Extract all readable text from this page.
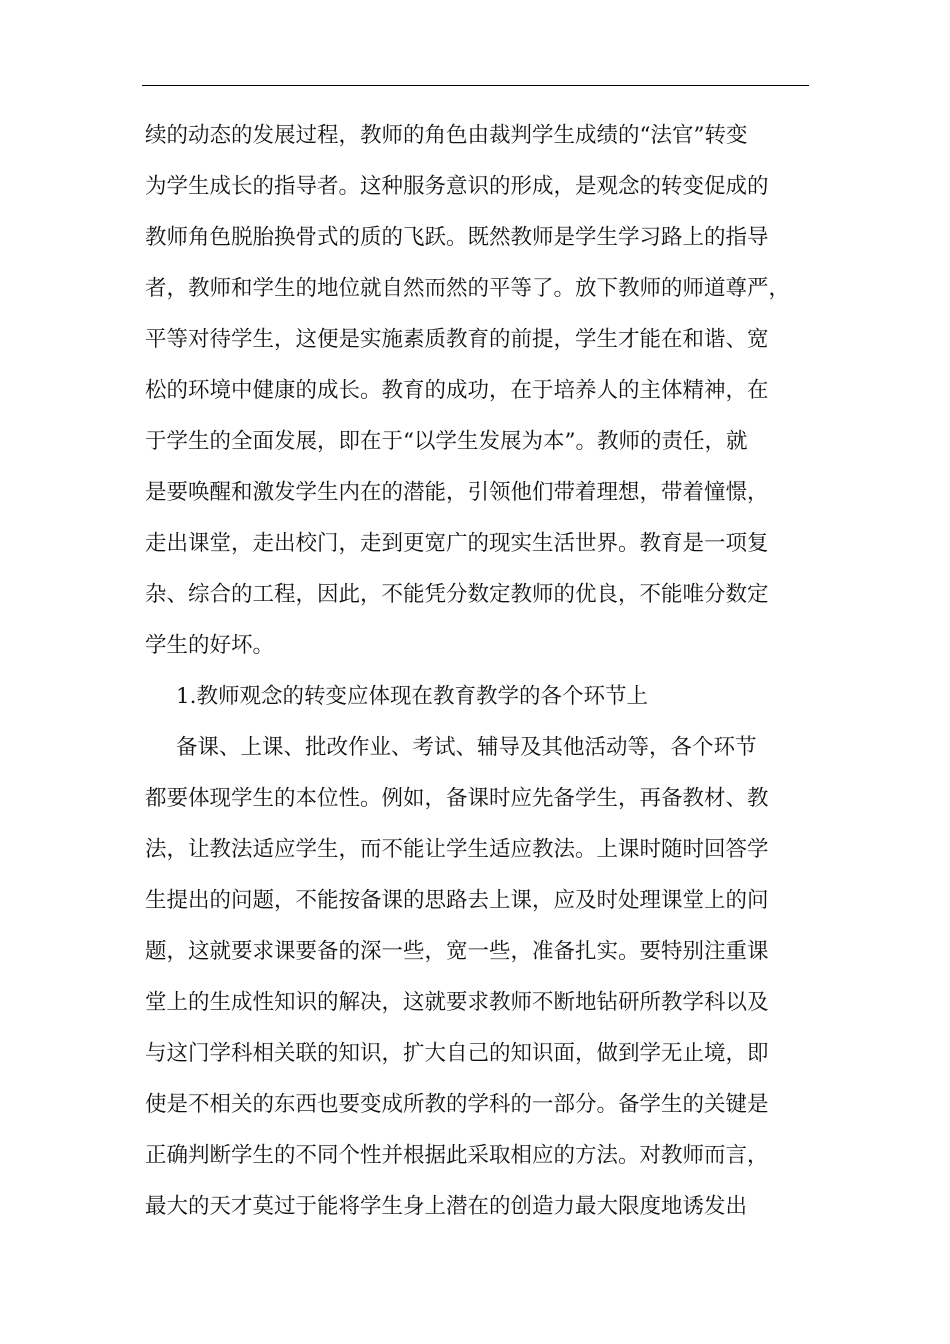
续的动态的发展过程，教师的角色由裁判学生成绩的“法官”转变
为学生成长的指导者。这种服务意识的形成，是观念的转变促成的
教师角色脱胎换骨式的质的飞跃。既然教师是学生学习路上的指导
者，教师和学生的地位就自然而然的平等了。放下教师的师道尊严，
平等对待学生，这便是实施素质教育的前提，学生才能在和谐、宽
松的环境中健康的成长。教育的成功，在于培养人的主体精神，在
于学生的全面发展，即在于“以学生发展为本”。教师的责任，就
是要唤醒和激发学生内在的潜能，引领他们带着理想，带着憧憬，
走出课堂，走出校门，走到更宽广的现实生活世界。教育是一项复
杂、综合的工程，因此，不能凭分数定教师的优良，不能唯分数定
学生的好坏。
1.教师观念的转变应体现在教育教学的各个环节上
备课、上课、批改作业、考试、辅导及其他活动等，各个环节
都要体现学生的本位性。例如，备课时应先备学生，再备教材、教
法，让教法适应学生，而不能让学生适应教法。上课时随时回答学
生提出的问题，不能按备课的思路去上课，应及时处理课堂上的问
题，这就要求课要备的深一些，宽一些，准备扎实。要特别注重课
堂上的生成性知识的解决，这就要求教师不断地钻研所教学科以及
与这门学科相关联的知识，扩大自己的知识面，做到学无止境，即
使是不相关的东西也要变成所教的学科的一部分。备学生的关键是
正确判断学生的不同个性并根据此采取相应的方法。对教师而言，
最大的天才莫过于能将学生身上潜在的创造力最大限度地诱发出
